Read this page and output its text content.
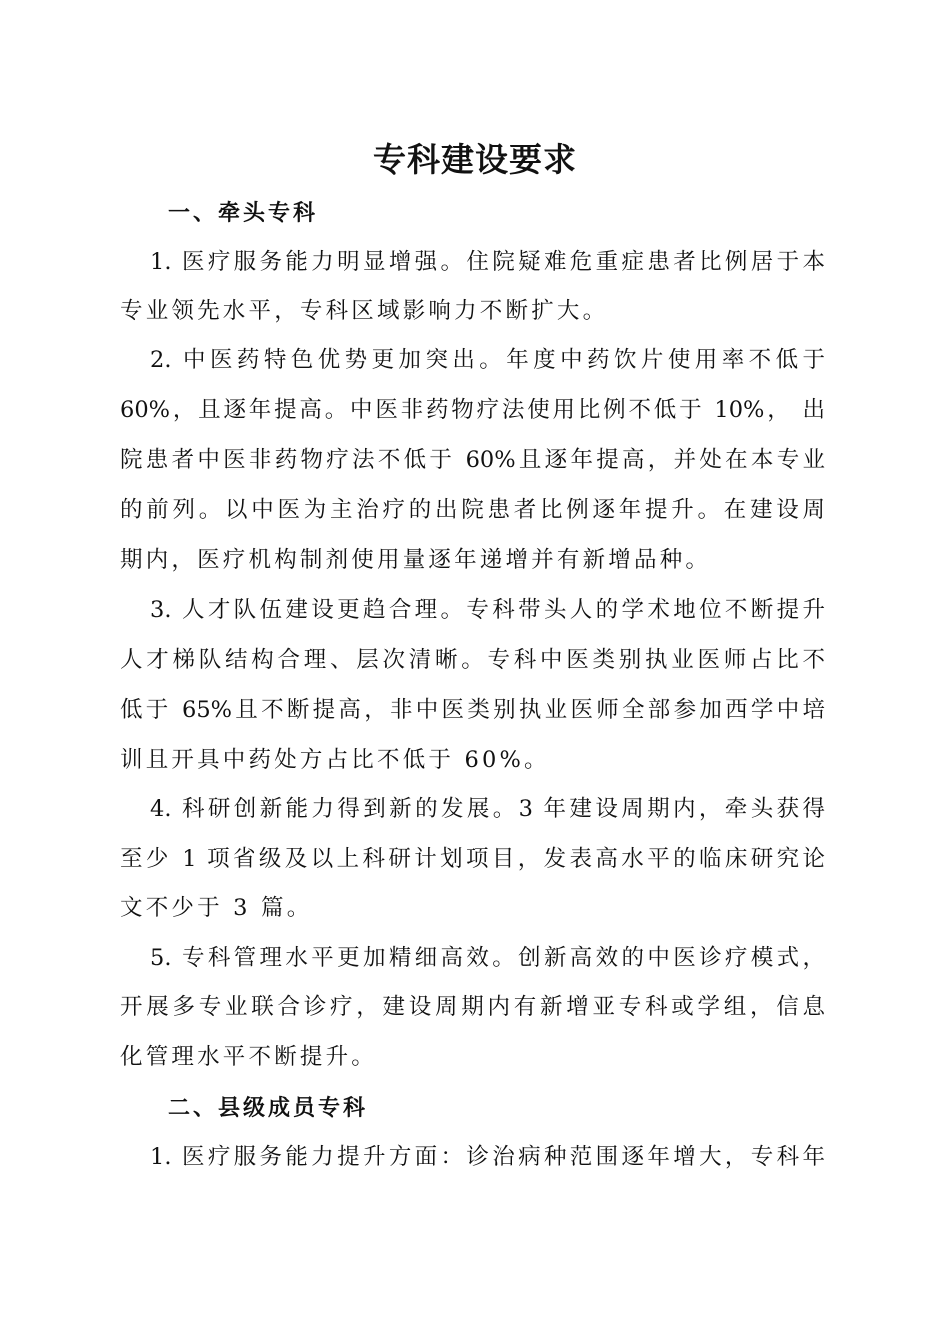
专科建设要求
一、牵头专科
1. 医疗服务能力明显增强。住院疑难危重症患者比例居于本
专业领先水平，专科区域影响力不断扩大。
2. 中医药特色优势更加突出。年度中药饮片使用率不低于
60%，且逐年提高。中医非药物疗法使用比例不低于 10%， 出
院患者中医非药物疗法不低于 60%且逐年提高，并处在本专业
的前列。以中医为主治疗的出院患者比例逐年提升。在建设周
期内，医疗机构制剂使用量逐年递增并有新增品种。
3. 人才队伍建设更趋合理。专科带头人的学术地位不断提升
人才梯队结构合理、层次清晰。专科中医类别执业医师占比不
低于 65%且不断提高，非中医类别执业医师全部参加西学中培
训且开具中药处方占比不低于 60%。
4. 科研创新能力得到新的发展。3 年建设周期内，牵头获得
至少 1 项省级及以上科研计划项目，发表高水平的临床研究论
文不少于 3 篇。
5. 专科管理水平更加精细高效。创新高效的中医诊疗模式，
开展多专业联合诊疗，建设周期内有新增亚专科或学组，信息
化管理水平不断提升。
二、县级成员专科
1. 医疗服务能力提升方面：诊治病种范围逐年增大，专科年
